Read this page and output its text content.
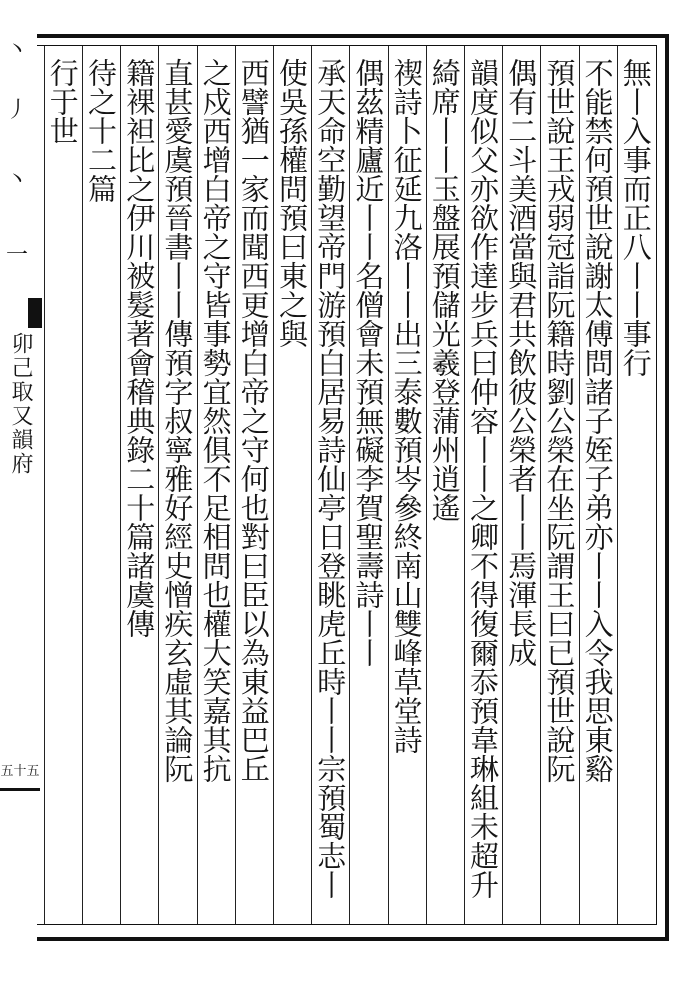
丶
丿
丶
一
卯己取又韻府
五十五
無丨入事而正八丨丨事行
不能禁何預世說謝太傅問諸子姪子弟亦丨丨入令我思東谿
預世說王戎弱冠詣阮籍時劉公榮在坐阮謂王曰已預世說阮
偶有二斗美酒當與君共飲彼公榮者丨丨焉渾長成
韻度似父亦欲作達步兵曰仲容丨丨之卿不得復爾忝預韋琳組未超升
綺席丨丨玉盤展預儲光羲登蒲州逍遙
禊詩卜征延九洛丨丨出三泰數預岑參終南山雙峰草堂詩
偶茲精廬近丨丨名僧會未預無礙李賀聖壽詩丨丨
承天命空勤望帝門游預白居易詩仙亭日登眺虎丘時丨丨宗預蜀志丨
使吳孫權問預曰東之與
西譬猶一家而聞西更增白帝之守何也對曰臣以為東益巴丘
之戍西增白帝之守皆事勢宜然俱不足相問也權大笑嘉其抗
直甚愛虞預晉書丨丨傳預字叔寧雅好經史憎疾玄虛其論阮
籍裸袒比之伊川被髮著會稽典錄二十篇諸虞傳
待之十二篇
行于世
